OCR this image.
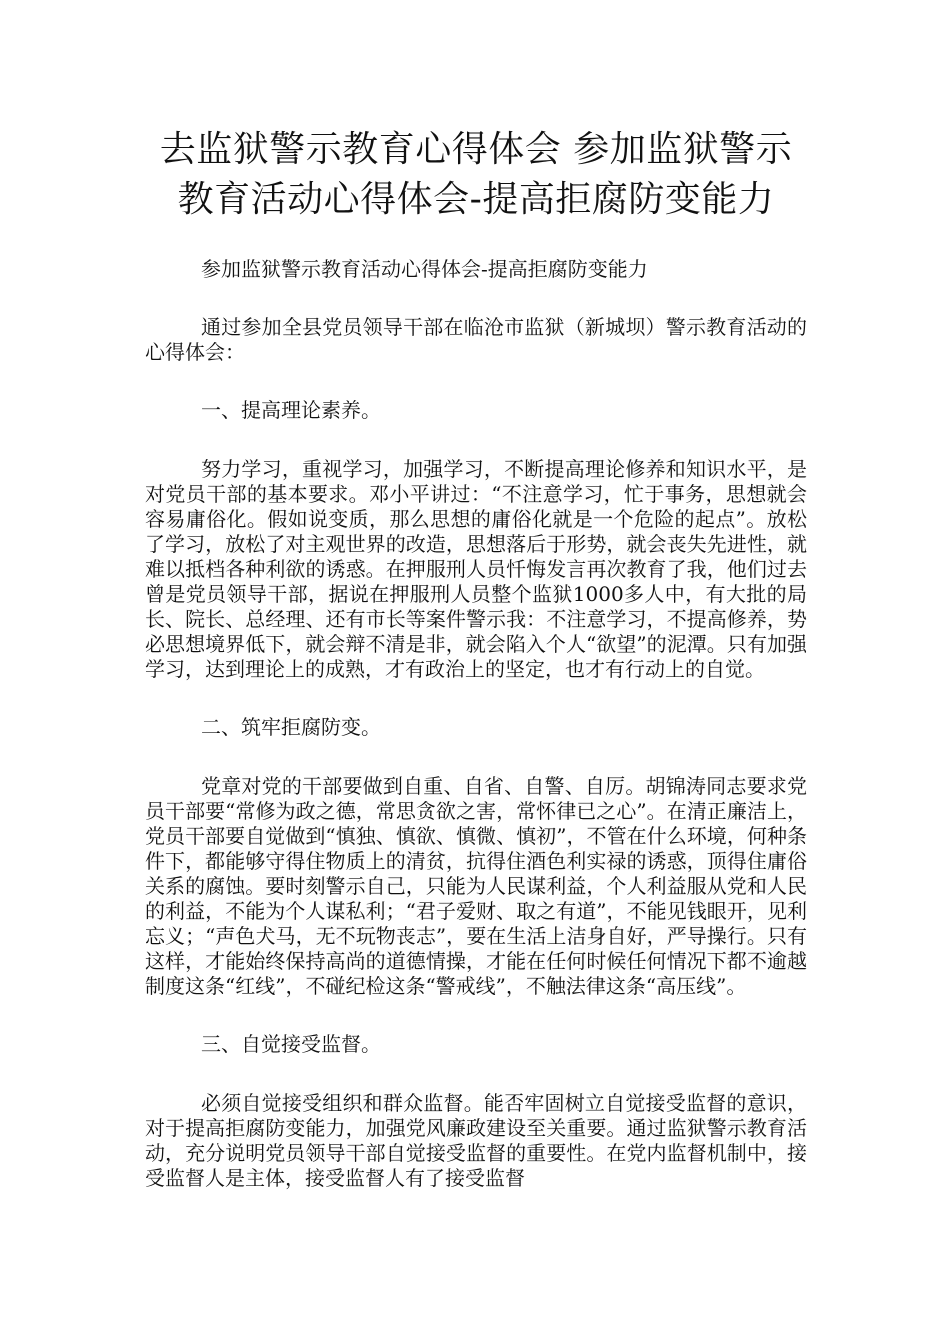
去监狱警示教育心得体会 参加监狱警示教育活动心得体会-提高拒腐防变能力

参加监狱警示教育活动心得体会-提高拒腐防变能力

通过参加全县党员领导干部在临沧市监狱（新城坝）警示教育活动的心得体会：

一、提高理论素养。

努力学习，重视学习，加强学习，不断提高理论修养和知识水平，是对党员干部的基本要求。邓小平讲过：“不注意学习，忙于事务，思想就会容易庸俗化。假如说变质，那么思想的庸俗化就是一个危险的起点”。放松了学习，放松了对主观世界的改造，思想落后于形势，就会丧失先进性，就难以抵档各种利欲的诱惑。在押服刑人员忏悔发言再次教育了我，他们过去曾是党员领导干部，据说在押服刑人员整个监狱1000多人中，有大批的局长、院长、总经理、还有市长等案件警示我：不注意学习，不提高修养，势必思想境界低下，就会辩不清是非，就会陷入个人“欲望”的泥潭。只有加强学习，达到理论上的成熟，才有政治上的坚定，也才有行动上的自觉。

二、筑牢拒腐防变。

党章对党的干部要做到自重、自省、自警、自厉。胡锦涛同志要求党员干部要“常修为政之德，常思贪欲之害，常怀律已之心”。在清正廉洁上，党员干部要自觉做到“慎独、慎欲、慎微、慎初”，不管在什么环境，何种条件下，都能够守得住物质上的清贫，抗得住酒色利实禄的诱惑，顶得住庸俗关系的腐蚀。要时刻警示自己，只能为人民谋利益，个人利益服从党和人民的利益，不能为个人谋私利；“君子爱财、取之有道”，不能见钱眼开，见利忘义；“声色犬马，无不玩物丧志”，要在生活上洁身自好，严导操行。只有这样，才能始终保持高尚的道德情操，才能在任何时候任何情况下都不逾越制度这条“红线”，不碰纪检这条“警戒线”，不触法律这条“高压线”。

三、自觉接受监督。

必须自觉接受组织和群众监督。能否牢固树立自觉接受监督的意识，对于提高拒腐防变能力，加强党风廉政建设至关重要。通过监狱警示教育活动，充分说明党员领导干部自觉接受监督的重要性。在党内监督机制中，接受监督人是主体，接受监督人有了接受监督
